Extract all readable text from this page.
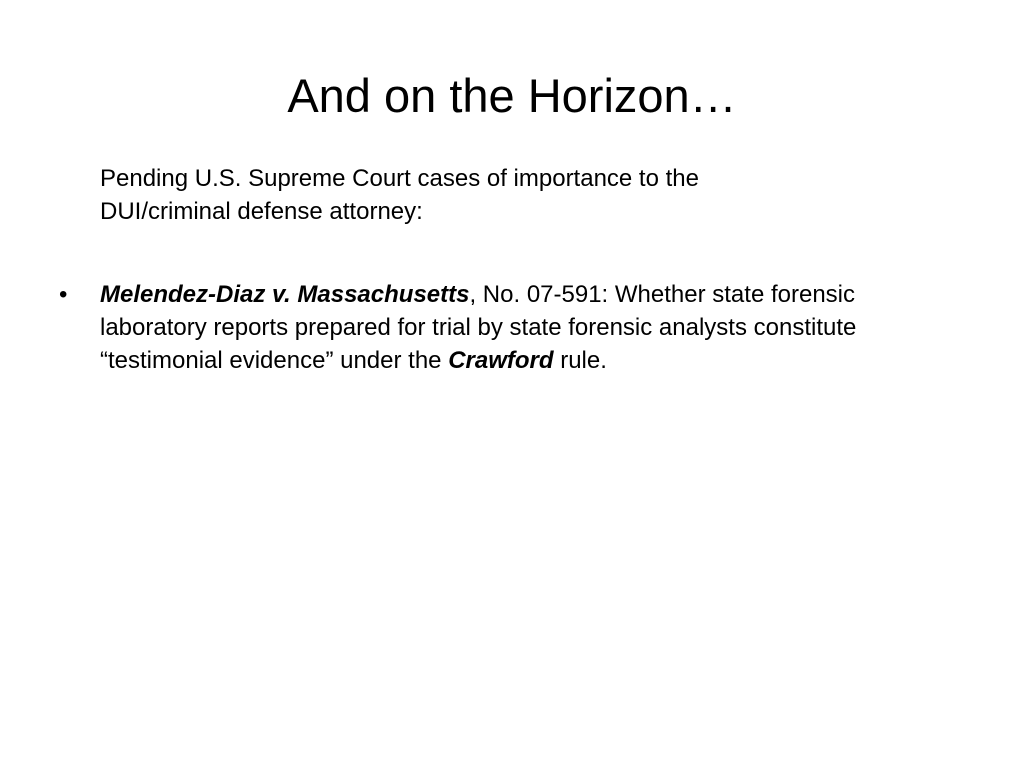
And on the Horizon…

Pending U.S. Supreme Court cases of importance to the
DUI/criminal defense attorney:

• Melendez-Diaz v. Massachusetts, No. 07-591: Whether state forensic laboratory reports prepared for trial by state forensic analysts constitute “testimonial evidence” under the Crawford rule.
